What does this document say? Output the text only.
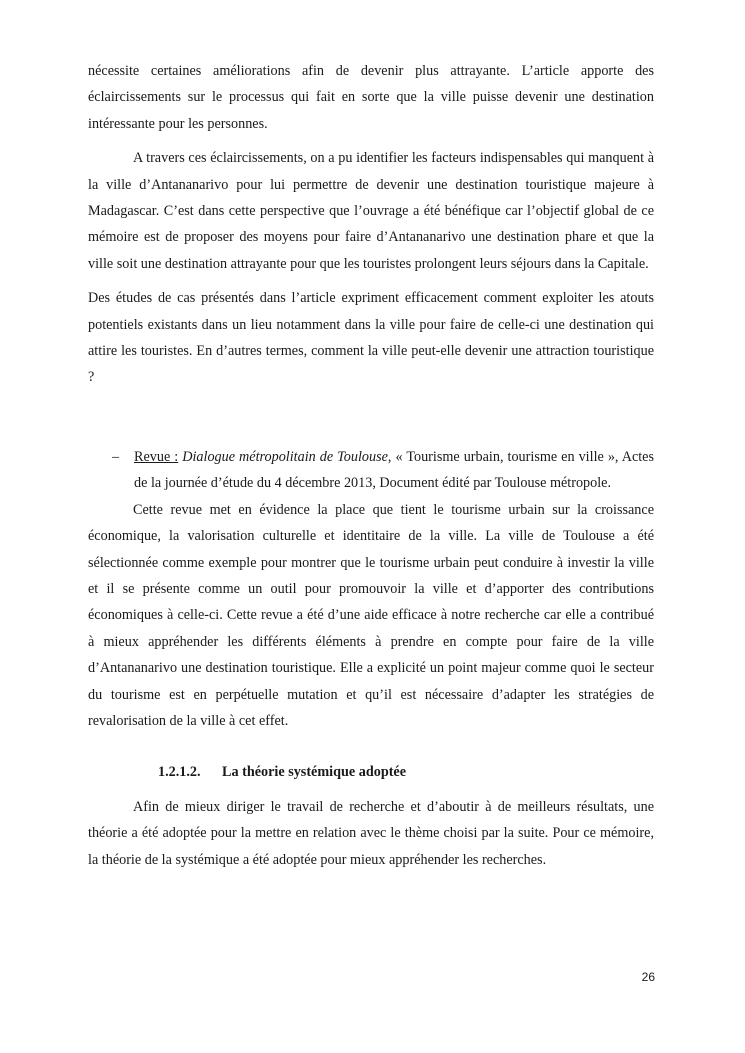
nécessite certaines améliorations afin de devenir plus attrayante. L’article apporte des éclaircissements sur le processus qui fait en sorte que la ville puisse devenir une destination intéressante pour les personnes.

A travers ces éclaircissements, on a pu identifier les facteurs indispensables qui manquent à la ville d’Antananarivo pour lui permettre de devenir une destination touristique majeure à Madagascar. C’est dans cette perspective que l’ouvrage a été bénéfique car l’objectif global de ce mémoire est de proposer des moyens pour faire d’Antananarivo une destination phare et que la ville soit une destination attrayante pour que les touristes prolongent leurs séjours dans la Capitale.

Des études de cas présentés dans l’article expriment efficacement comment exploiter les atouts potentiels existants dans un lieu notamment dans la ville pour faire de celle-ci une destination qui attire les touristes. En d’autres termes, comment la ville peut-elle devenir une attraction touristique ?

– Revue : Dialogue métropolitain de Toulouse, « Tourisme urbain, tourisme en ville », Actes de la journée d’étude du 4 décembre 2013, Document édité par Toulouse métropole.

Cette revue met en évidence la place que tient le tourisme urbain sur la croissance économique, la valorisation culturelle et identitaire de la ville. La ville de Toulouse a été sélectionnée comme exemple pour montrer que le tourisme urbain peut conduire à investir la ville et il se présente comme un outil pour promouvoir la ville et d’apporter des contributions économiques à celle-ci. Cette revue a été d’une aide efficace à notre recherche car elle a contribué à mieux appréhender les différents éléments à prendre en compte pour faire de la ville d’Antananarivo une destination touristique. Elle a explicité un point majeur comme quoi le secteur du tourisme est en perpétuelle mutation et qu’il est nécessaire d’adapter les stratégies de revalorisation de la ville à cet effet.

1.2.1.2. La théorie systémique adoptée

Afin de mieux diriger le travail de recherche et d’aboutir à de meilleurs résultats, une théorie a été adoptée pour la mettre en relation avec le thème choisi par la suite. Pour ce mémoire, la théorie de la systémique a été adoptée pour mieux appréhender les recherches.

26
